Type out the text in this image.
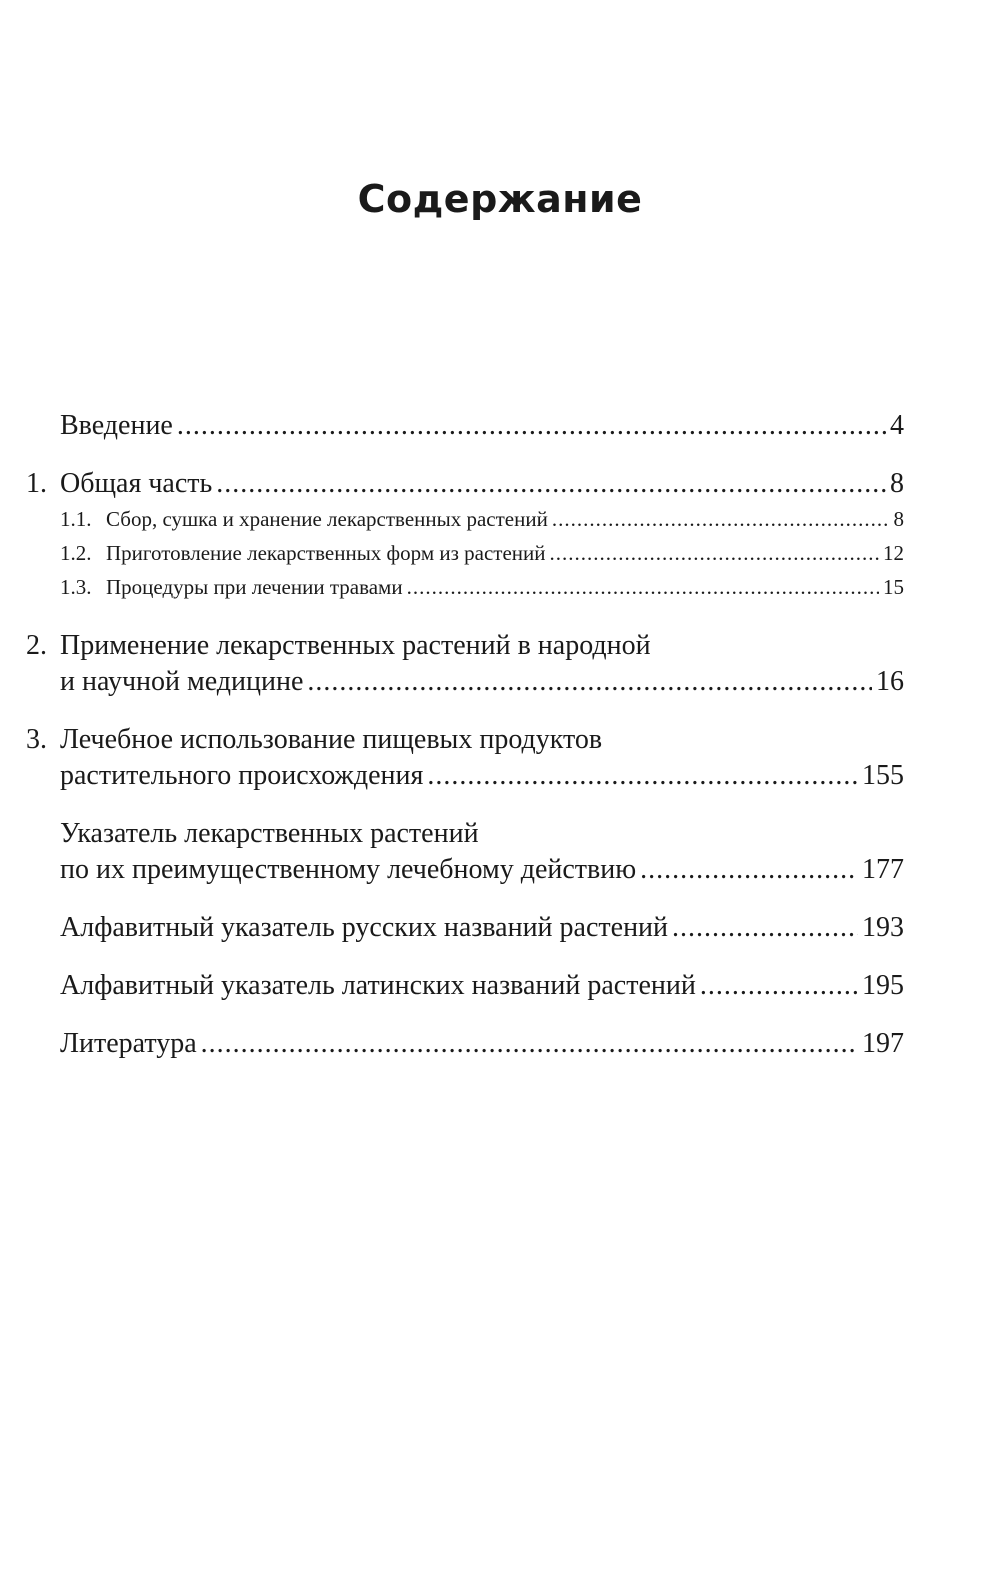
Содержание
Введение .....	4
1. Общая часть .....	8
1.1. Сбор, сушка и хранение лекарственных растений .....	8
1.2. Приготовление лекарственных форм из растений .....	12
1.3. Процедуры при лечении травами .....	15
2. Применение лекарственных растений в народной
и научной медицине .....	16
3. Лечебное использование пищевых продуктов
растительного происхождения .....	155
Указатель лекарственных растений
по их преимущественному лечебному действию .....	177
Алфавитный указатель русских названий растений .....	193
Алфавитный указатель латинских названий растений .....	195
Литература .....	197
